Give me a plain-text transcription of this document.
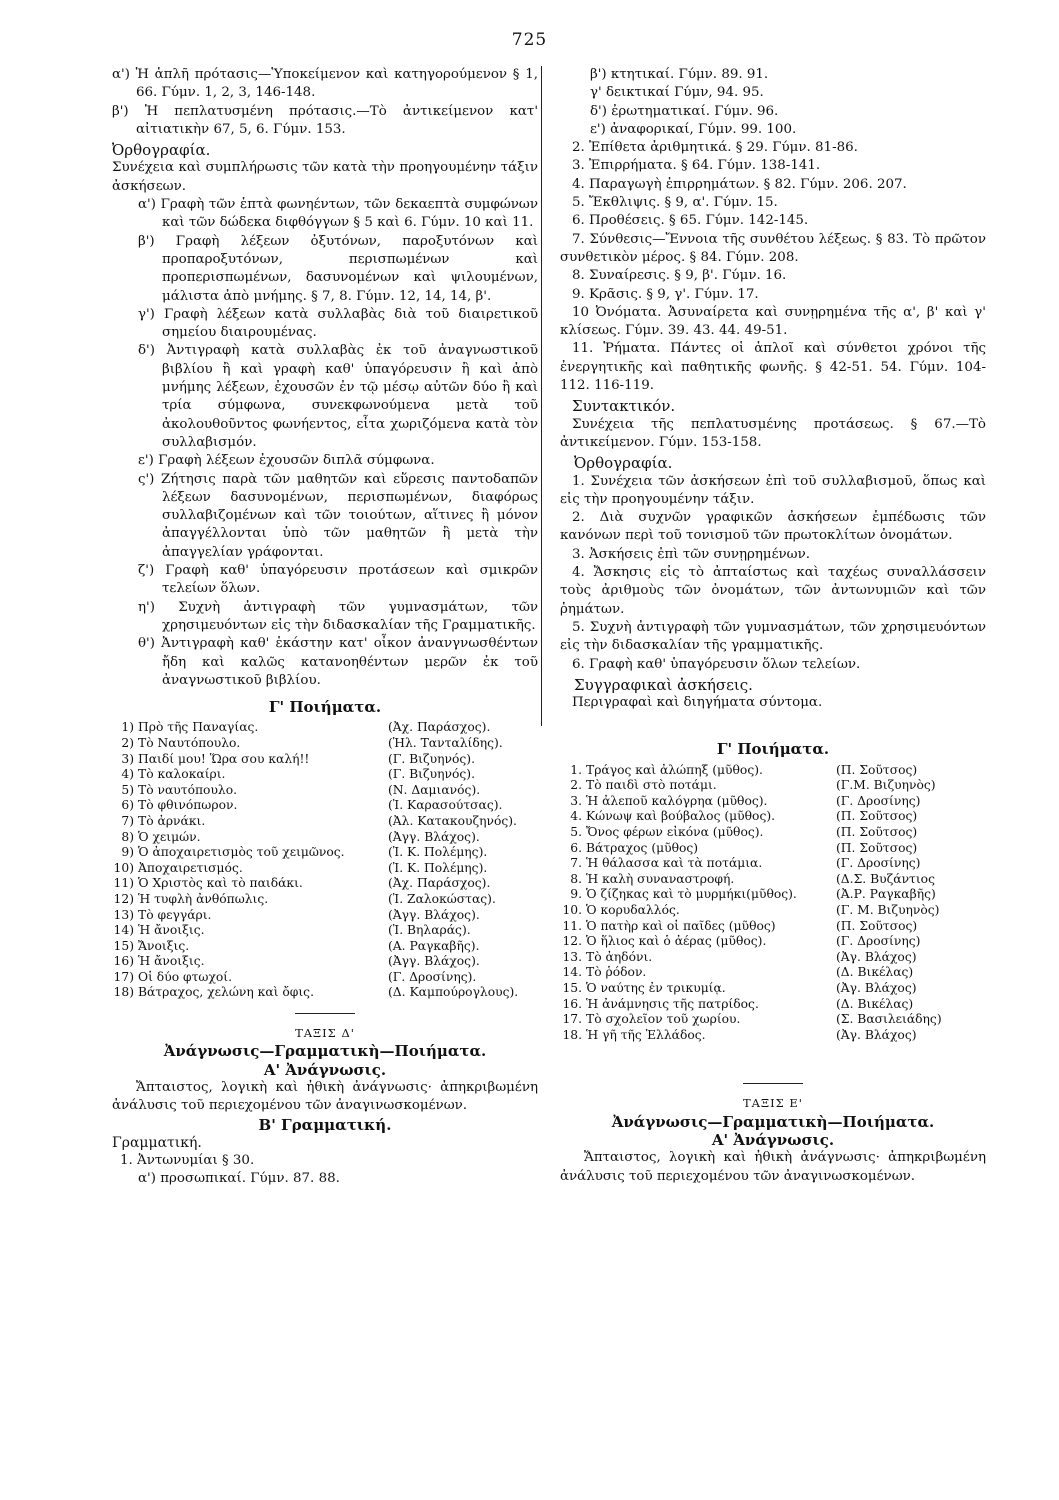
725

α') Ἡ ἁπλῆ πρότασις—Ὑποκείμενον καὶ κατηγορούμενον § 1, 66. Γύμν. 1, 2, 3, 146-148.

β') Ἡ πεπλατυσμένη πρότασις.—Τὸ ἀντικείμενον κατ' αἰτιατικὴν 67, 5, 6. Γύμν. 153.

Ὀρθογραφία.

Συνέχεια καὶ συμπλήρωσις τῶν κατὰ τὴν προηγουμένην τάξιν ἀσκήσεων.

α') Γραφὴ τῶν ἑπτὰ φωνηέντων, τῶν δεκαεπτὰ συμφώνων καὶ τῶν δώδεκα διφθόγγων § 5 καὶ 6. Γύμν. 10 καὶ 11.

β') Γραφὴ λέξεων ὀξυτόνων, παροξυτόνων καὶ προπαροξυτόνων, περισπωμένων καὶ προπερισπωμένων, δασυνομένων καὶ ψιλουμένων, μάλιστα ἀπὸ μνήμης. § 7, 8. Γύμν. 12, 14, 14, β'.

γ') Γραφὴ λέξεων κατὰ συλλαβὰς διὰ τοῦ διαιρετικοῦ σημείου διαιρουμένας.

δ') Ἀντιγραφὴ κατὰ συλλαβὰς ἐκ τοῦ ἀναγνωστικοῦ βιβλίου ἢ καὶ γραφὴ καθ' ὑπαγόρευσιν ἢ καὶ ἀπὸ μνήμης λέξεων, ἐχουσῶν ἐν τῷ μέσῳ αὐτῶν δύο ἢ καὶ τρία σύμφωνα, συνεκφωνούμενα μετὰ τοῦ ἀκολουθοῦντος φωνήεντος, εἶτα χωριζόμενα κατὰ τὸν συλλαβισμόν.

ε') Γραφὴ λέξεων ἐχουσῶν διπλᾶ σύμφωνα.

ς') Ζήτησις παρὰ τῶν μαθητῶν καὶ εὕρεσις παντοδαπῶν λέξεων δασυνομένων, περισπωμένων, διαφόρως συλλαβιζομένων καὶ τῶν τοιούτων, αἵτινες ἢ μόνον ἀπαγγέλλονται ὑπὸ τῶν μαθητῶν ἢ μετὰ τὴν ἀπαγγελίαν γράφονται.

ζ') Γραφὴ καθ' ὑπαγόρευσιν προτάσεων καὶ σμικρῶν τελείων ὅλων.

η') Συχνὴ ἀντιγραφὴ τῶν γυμνασμάτων, τῶν χρησιμευόντων εἰς τὴν διδασκαλίαν τῆς Γραμματικῆς.

θ') Ἀντιγραφὴ καθ' ἑκάστην κατ' οἶκον ἀνανγνωσθέντων ἤδη καὶ καλῶς κατανοηθέντων μερῶν ἐκ τοῦ ἀναγνωστικοῦ βιβλίου.

Γ' Ποιήματα.

1)	Πρὸ τῆς Παναγίας.	(Ἀχ. Παράσχος).
2)	Τὸ Ναυτόπουλο.	(Ἡλ. Τανταλίδης).
3)	Παιδί μου! Ὥρα σου καλή!!	(Γ. Βιζυηνός).
4)	Τὸ καλοκαίρι.	(Γ. Βιζυηνός).
5)	Τὸ ναυτόπουλο.	(Ν. Δαμιανός).
6)	Τὸ φθινόπωρον.	(Ἰ. Καρασούτσας).
7)	Τὸ ἀρνάκι.	(Ἀλ. Κατακουζηνός).
8)	Ὁ χειμών.	(Ἀγγ. Βλάχος).
9)	Ὁ ἀποχαιρετισμὸς τοῦ χειμῶνος.	(Ἰ. Κ. Πολέμης).
10)	Ἀποχαιρετισμός.	(Ἰ. Κ. Πολέμης).
11)	Ὁ Χριστὸς καὶ τὸ παιδάκι.	(Ἀχ. Παράσχος).
12)	Ἡ τυφλὴ ἀνθόπωλις.	(Ἰ. Ζαλοκώστας).
13)	Τὸ φεγγάρι.	(Ἀγγ. Βλάχος).
14)	Ἡ ἄνοιξις.	(Ἰ. Βηλαράς).
15)	Ἄνοιξις.	(Α. Ραγκαβῆς).
16)	Ἡ ἄνοιξις.	(Ἀγγ. Βλάχος).
17)	Οἱ δύο φτωχοί.	(Γ. Δροσίνης).
18)	Βάτραχος, χελώνη καὶ ὄφις.	(Δ. Καμπούρογλους).

ΤΑΞΙΣ Δ'

Ἀνάγνωσις—Γραμματικὴ—Ποιήματα.

Α' Ἀνάγνωσις.

Ἄπταιστος, λογικὴ καὶ ἠθικὴ ἀνάγνωσις· ἀπηκριβωμένη ἀνάλυσις τοῦ περιεχομένου τῶν ἀναγινωσκομένων.

Β' Γραμματική.

Γραμματική.

1. Ἀντωνυμίαι § 30.

α') προσωπικαί. Γύμν. 87. 88.

β') κτητικαί. Γύμν. 89. 91.

γ' δεικτικαί Γύμν, 94. 95.

δ') ἐρωτηματικαί. Γύμν. 96.

ε') ἀναφορικαί, Γύμν. 99. 100.

2. Ἐπίθετα ἀριθμητικά. § 29. Γύμν. 81-86.

3. Ἐπιρρήματα. § 64. Γύμν. 138-141.

4. Παραγωγὴ ἐπιρρημάτων. § 82. Γύμν. 206. 207.

5. Ἔκθλιψις. § 9, α'. Γύμν. 15.

6. Προθέσεις. § 65. Γύμν. 142-145.

7. Σύνθεσις—Ἔννοια τῆς συνθέτου λέξεως. § 83. Τὸ πρῶτον συνθετικὸν μέρος. § 84. Γύμν. 208.

8. Συναίρεσις. § 9, β'. Γύμν. 16.

9. Κρᾶσις. § 9, γ'. Γύμν. 17.

10 Ὀνόματα. Ἀσυναίρετα καὶ συνῃρημένα τῆς α', β' καὶ γ' κλίσεως. Γύμν. 39. 43. 44. 49-51.

11. Ῥήματα. Πάντες οἱ ἁπλοῖ καὶ σύνθετοι χρόνοι τῆς ἐνεργητικῆς καὶ παθητικῆς φωνῆς. § 42-51. 54. Γύμν. 104-112. 116-119.

Συντακτικόν.

Συνέχεια τῆς πεπλατυσμένης προτάσεως. § 67.—Τὸ ἀντικείμενον. Γύμν. 153-158.

Ὀρθογραφία.

1. Συνέχεια τῶν ἀσκήσεων ἐπὶ τοῦ συλλαβισμοῦ, ὅπως καὶ εἰς τὴν προηγουμένην τάξιν.

2. Διὰ συχνῶν γραφικῶν ἀσκήσεων ἐμπέδωσις τῶν κανόνων περὶ τοῦ τονισμοῦ τῶν πρωτοκλίτων ὀνομάτων.

3. Ἀσκήσεις ἐπὶ τῶν συνῃρημένων.

4. Ἄσκησις εἰς τὸ ἀπταίστως καὶ ταχέως συναλλάσσειν τοὺς ἀριθμοὺς τῶν ὀνομάτων, τῶν ἀντωνυμιῶν καὶ τῶν ῥημάτων.

5. Συχνὴ ἀντιγραφὴ τῶν γυμνασμάτων, τῶν χρησιμευόντων εἰς τὴν διδασκαλίαν τῆς γραμματικῆς.

6. Γραφὴ καθ' ὑπαγόρευσιν ὅλων τελείων.

Συγγραφικαὶ ἀσκήσεις.

Περιγραφαὶ καὶ διηγήματα σύντομα.

Γ' Ποιήματα.

1.	Τράγος καὶ ἀλώπηξ (μῦθος).	(Π. Σοῦτσος)
2.	Τὸ παιδὶ στὸ ποτάμι.	(Γ.Μ. Βιζυηνὸς)
3.	Ἡ ἀλεποῦ καλόγρηα (μῦθος).	(Γ. Δροσίνης)
4.	Κώνωψ καὶ βούβαλος (μῦθος).	(Π. Σοῦτσος)
5.	Ὄνος φέρων εἰκόνα (μῦθος).	(Π. Σοῦτσος)
6.	Βάτραχος (μῦθος)	(Π. Σοῦτσος)
7.	Ἡ θάλασσα καὶ τὰ ποτάμια.	(Γ. Δροσίνης)
8.	Ἡ καλὴ συναναστροφή.	(Δ.Σ. Βυζάντιος
9.	Ὁ ζίζηκας καὶ τὸ μυρμήκι(μῦθος).	(Ἀ.Ρ. Ραγκαβῆς)
10.	Ὁ κορυδαλλός.	(Γ. Μ. Βιζυηνὸς)
11.	Ὁ πατὴρ καὶ οἱ παῖδες (μῦθος)	(Π. Σοῦτσος)
12.	Ὁ ἥλιος καὶ ὁ ἀέρας (μῦθος).	(Γ. Δροσίνης)
13.	Τὸ ἀηδόνι.	(Ἀγ. Βλάχος)
14.	Τὸ ῥόδον.	(Δ. Βικέλας)
15.	Ὁ ναύτης ἐν τρικυμίᾳ.	(Ἀγ. Βλάχος)
16.	Ἡ ἀνάμνησις τῆς πατρίδος.	(Δ. Βικέλας)
17.	Τὸ σχολεῖον τοῦ χωρίου.	(Σ. Βασιλειάδης)
18.	Ἡ γῆ τῆς Ἑλλάδος.	(Ἀγ. Βλάχος)

ΤΑΞΙΣ Ε'

Ἀνάγνωσις—Γραμματικὴ—Ποιήματα.

Α' Ἀνάγνωσις.

Ἄπταιστος, λογικὴ καὶ ἠθικὴ ἀνάγνωσις· ἀπηκριβωμένη ἀνάλυσις τοῦ περιεχομένου τῶν ἀναγινωσκομένων.
